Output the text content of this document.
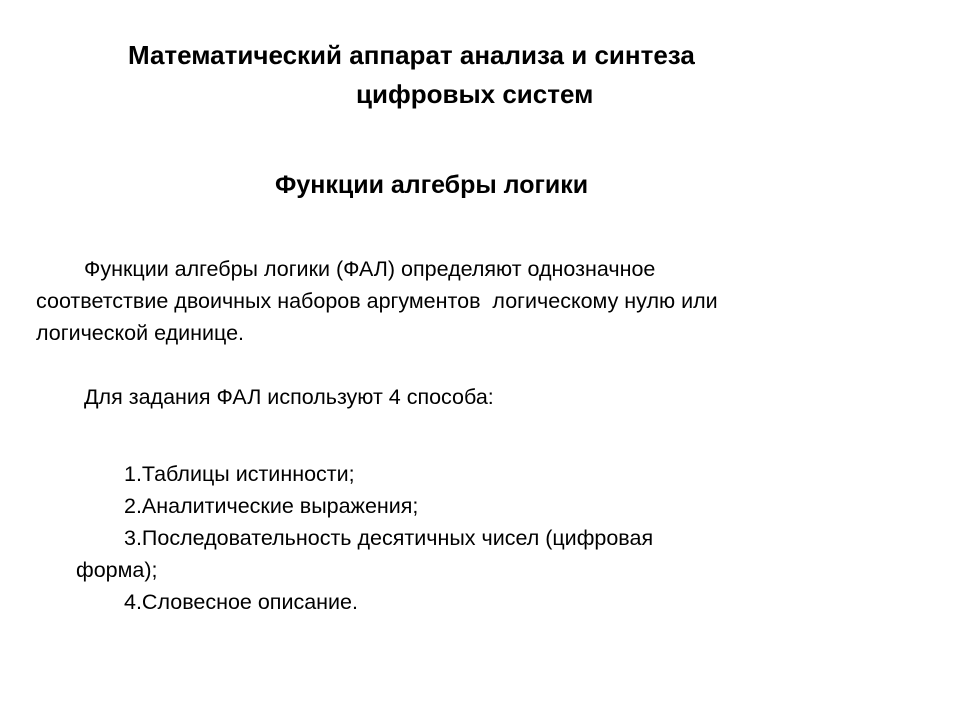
Математический аппарат анализа и синтеза
цифровых систем
Функции алгебры логики
Функции алгебры логики (ФАЛ) определяют однозначное
соответствие двоичных наборов аргументов  логическому нулю или
логической единице.
Для задания ФАЛ используют 4 способа:
1.Таблицы истинности;
2.Аналитические выражения;
3.Последовательность десятичных чисел (цифровая
форма);
4.Словесное описание.
